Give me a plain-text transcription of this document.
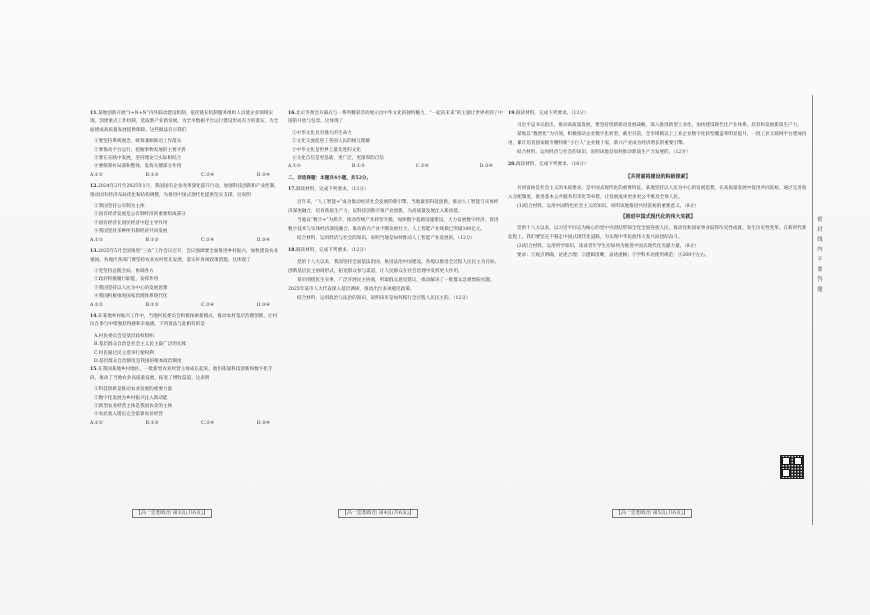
11.某地创新开展“1+N+N”内外联动建设机制，依托链长机制服务组织人员使企业领域实现。创建重点工作机制，选取新产业新发展，为全市数据平台运行建设形成有力的落实，为全面建成高质量发展提供保障。这些做法启示我们
①要坚持系统观念，统筹兼顾推动工作落实
②要推动平台运行，把握事物发展的主要矛盾
③要在实践中发展，坚持理论与实际相结合
④要统筹好局部和整体，发挥关键部分作用
A.①②	B.①③	C.②④	D.③④
12.2024年2月至2025年1月，我国国有企业改革深化提升行动，加强科技创新和产业控制，推动国有经济布局优化和结构调整，为推进中国式现代化提供坚实支撑。这说明
①我国坚持公有制为主体
②国有经济发展是公有制经济的重要组成部分
③国有经济在国民经济中起主导作用
④我国坚持多种所有制经济共同发展
A.①②	B.①③	C.②④	D.③④
13.2025年5月全国推进“三农”工作会议召开，会议强调要全面推进乡村振兴，加快建设农业强国。各地区各部门要坚持农业农村优先发展，落实好各项政策措施。这体现了
①党坚持总揽全局、协调各方
②政府积极履行职能，发挥作用
③我国坚持以人民为中心的发展思想
④我国积极推进国家治理体系现代化
A.①②	B.①③	C.②④	D.③④
14.在某地乡村振兴工作中，当地村民委员会积极探索新模式，推动农村基层治理创新，让村民在参与中增强获得感和幸福感。下列说法与此相符的是
A.村民委员会是基层政权组织
B.基层群众自治是社会主义民主最广泛的实践
C.村民通过民主选举行使权利
D.基层群众自治制度是我国的根本政治制度
15.在我国某地乡村地区，一批新型农业经营主体成长起来。他们依靠科技创新和数字化手段，推动了当地农业高质量发展，拓宽了增收渠道。这表明
①科技创新是推动农业发展的重要力量
②数字化发展为乡村振兴注入新动能
③新型农业经营主体是我国农业的主体
④农民收入增长完全依靠农业经营
A.①②	B.①③	C.②④	D.③④
16.北京冬奥会开幕式与一系列精彩活动展示出中华文化的独特魅力，“一起向未来”的主题让世界看到了中国的开放与包容。这体现了
①中华文化具有强大的生命力
②文化交流促进了各国人民的相互理解
③中华文化是世界上最先进的文化
④文化自信是更基础、更广泛、更深厚的自信
A.①②	B.①③	C.②④	D.③④
二、非选择题：本题共4小题，共52分。
17.阅读材料，完成下列要求。（12分）

近年来，“人工智能+”成为推动经济社会发展的新引擎。当地紧扣科技创新，推动人工智能与实体经济深度融合，培育新质生产力，以科技创新引领产业创新，为高质量发展注入新动能。

当地以“数字+”为抓手，推动传统产业转型升级，加快数字基础设施建设，大力发展数字经济，促进数字技术与实体经济深度融合，推动新兴产业不断发展壮大，人工智能产业规模已突破100亿元。

结合材料，运用经济与社会的知识，说明当地是如何推动人工智能产业发展的。（12分）

18.阅读材料，完成下列要求。（12分）

党的十八大以来，我国坚持全面依法治国，推进法治中国建设。各地以推进全过程人民民主为目标，创新基层民主协商形式，拓宽群众参与渠道，让人民群众在社会治理中发挥更大作用。

某市围绕民生实事，广泛开展民主协商，听取群众意见建议，推动解决了一批群众急难愁盼问题。2025年某市人大代表深入基层调研，推动出台多项惠民政策。

结合材料，运用政治与法治的知识，说明该市是如何践行全过程人民民主的。（12分）

19.阅读材料，完成下列要求。（12分）

习近平总书记指出，推动高质量发展，要坚持创新驱动发展战略，深入推进新型工业化，加快建设现代化产业体系，培育和发展新质生产力。

某地以“数智化”为引领，积极推动企业数字化转型。截至目前，全市规模以上工业企业数字化转型覆盖率明显提升，一批工业互联网平台建成投用，累计培育国家级专精特新“小巨人”企业数十家，新兴产业成为经济增长的重要引擎。

结合材料，运用经济与社会的知识，说明该地是如何推动新质生产力发展的。（12分）

20.阅读材料，完成下列要求。（16分）
【共同富裕建设的积极探索】

共同富裕是社会主义的本质要求，是中国式现代化的重要特征。某地坚持以人民为中心的发展思想，在高质量发展中促进共同富裕，通过完善收入分配制度、推进基本公共服务均等化等举措，让发展成果更多更公平惠及全体人民。

(1)结合材料，运用中国特色社会主义的知识，说明该地推进共同富裕的重要意义。（8分）

【推进中国式现代化的伟大实践】

党的十八大以来，以习近平同志为核心的党中央团结带领全党全国各族人民，推动党和国家事业取得历史性成就、发生历史性变革。在新时代新征程上，我们要坚定不移走中国式现代化道路，为实现中华民族伟大复兴而团结奋斗。

(2)结合材料，运用所学知识，谈谈青年学生应如何为推进中国式现代化贡献力量。（8分）

要求：①观点明确，论述合理；②逻辑清晰，表述流畅；③学科术语使用规范；④200字左右。

【高一思想政治 第3页(共6页)】	【高一思想政治 第4页(共6页)】	【高一思想政治 第5页(共6页)】
密封线内不要答题
